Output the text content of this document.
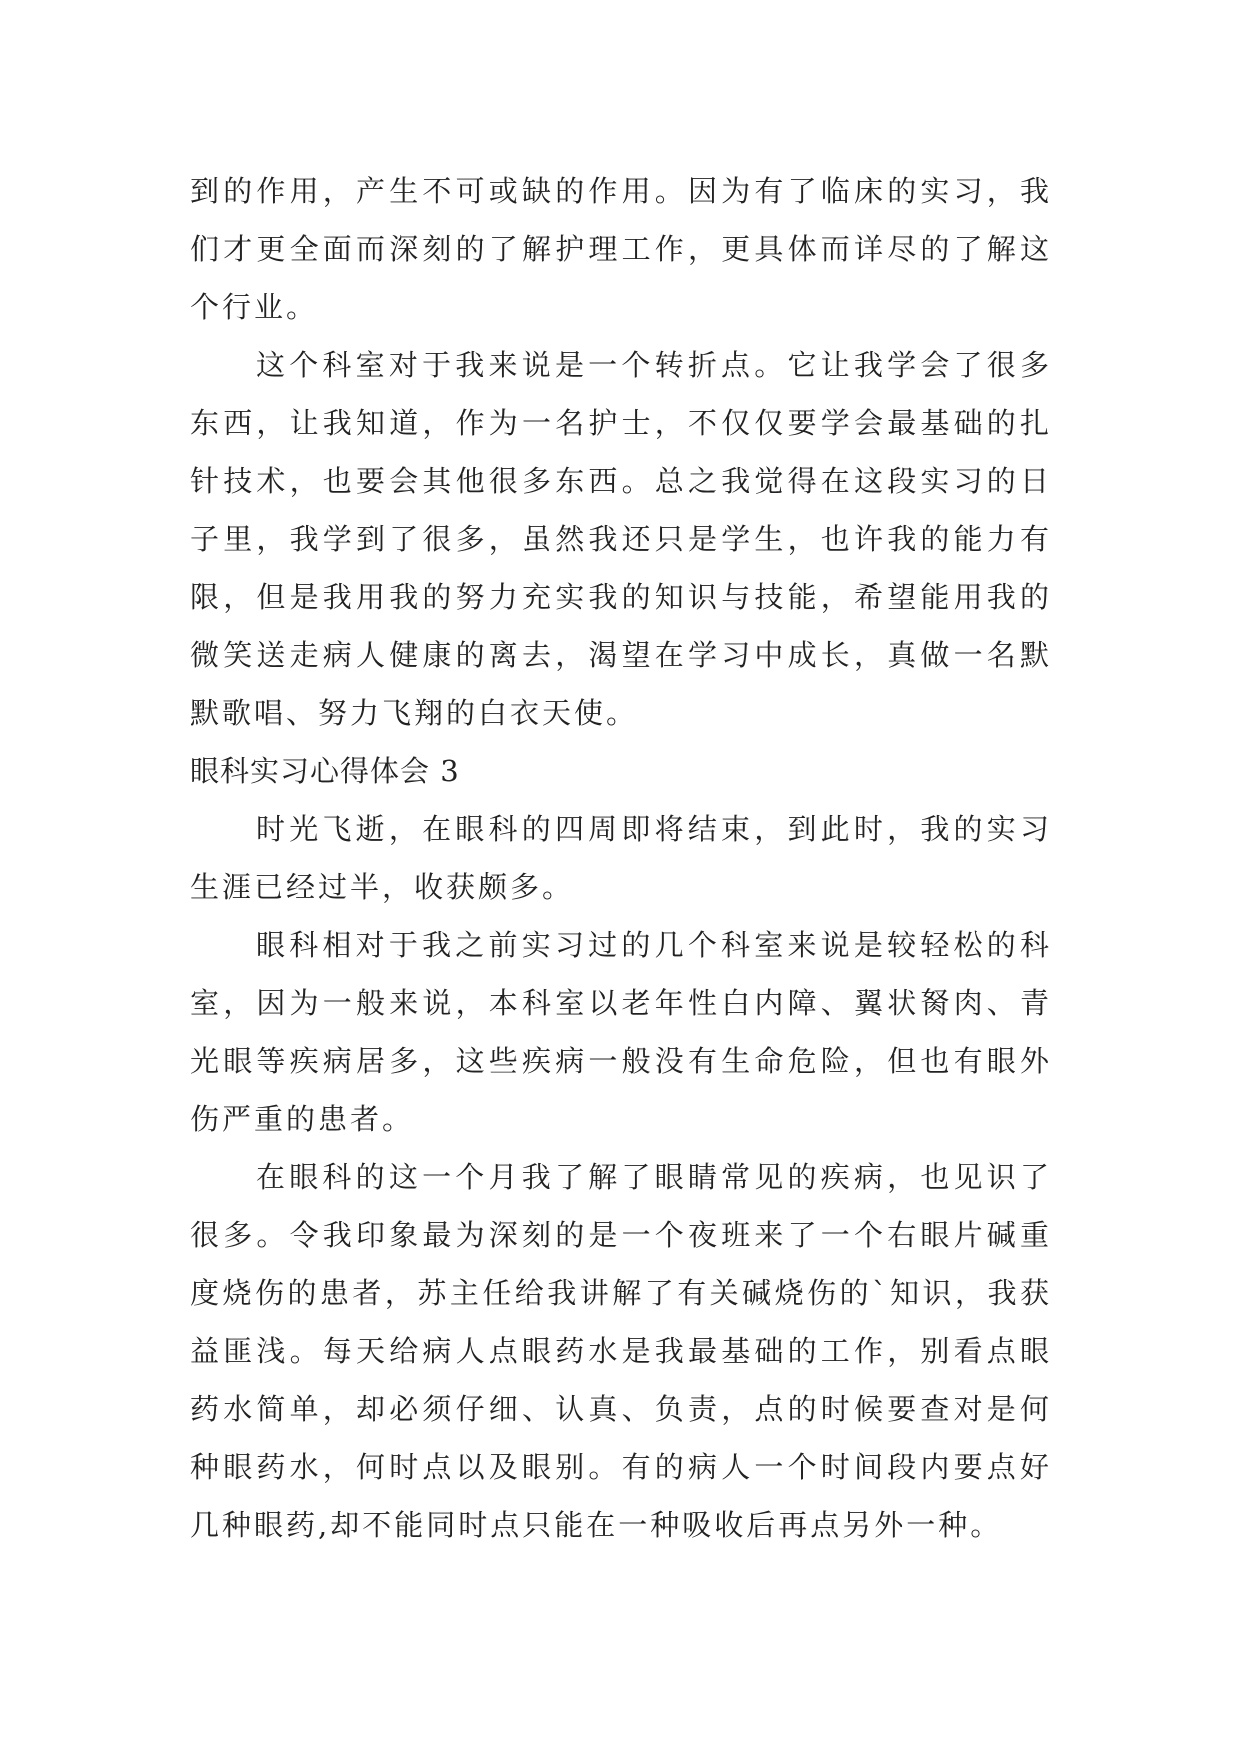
到的作用，产生不可或缺的作用。因为有了临床的实习，我们才更全面而深刻的了解护理工作，更具体而详尽的了解这个行业。

这个科室对于我来说是一个转折点。它让我学会了很多东西，让我知道，作为一名护士，不仅仅要学会最基础的扎针技术，也要会其他很多东西。总之我觉得在这段实习的日子里，我学到了很多，虽然我还只是学生，也许我的能力有限，但是我用我的努力充实我的知识与技能，希望能用我的微笑送走病人健康的离去，渴望在学习中成长，真做一名默默歌唱、努力飞翔的白衣天使。

眼科实习心得体会 3

时光飞逝，在眼科的四周即将结束，到此时，我的实习生涯已经过半，收获颇多。

眼科相对于我之前实习过的几个科室来说是较轻松的科室，因为一般来说，本科室以老年性白内障、翼状胬肉、青光眼等疾病居多，这些疾病一般没有生命危险，但也有眼外伤严重的患者。

在眼科的这一个月我了解了眼睛常见的疾病，也见识了很多。令我印象最为深刻的是一个夜班来了一个右眼片碱重度烧伤的患者，苏主任给我讲解了有关碱烧伤的`知识，我获益匪浅。每天给病人点眼药水是我最基础的工作，别看点眼药水简单，却必须仔细、认真、负责，点的时候要查对是何种眼药水，何时点以及眼别。有的病人一个时间段内要点好几种眼药,却不能同时点只能在一种吸收后再点另外一种。
